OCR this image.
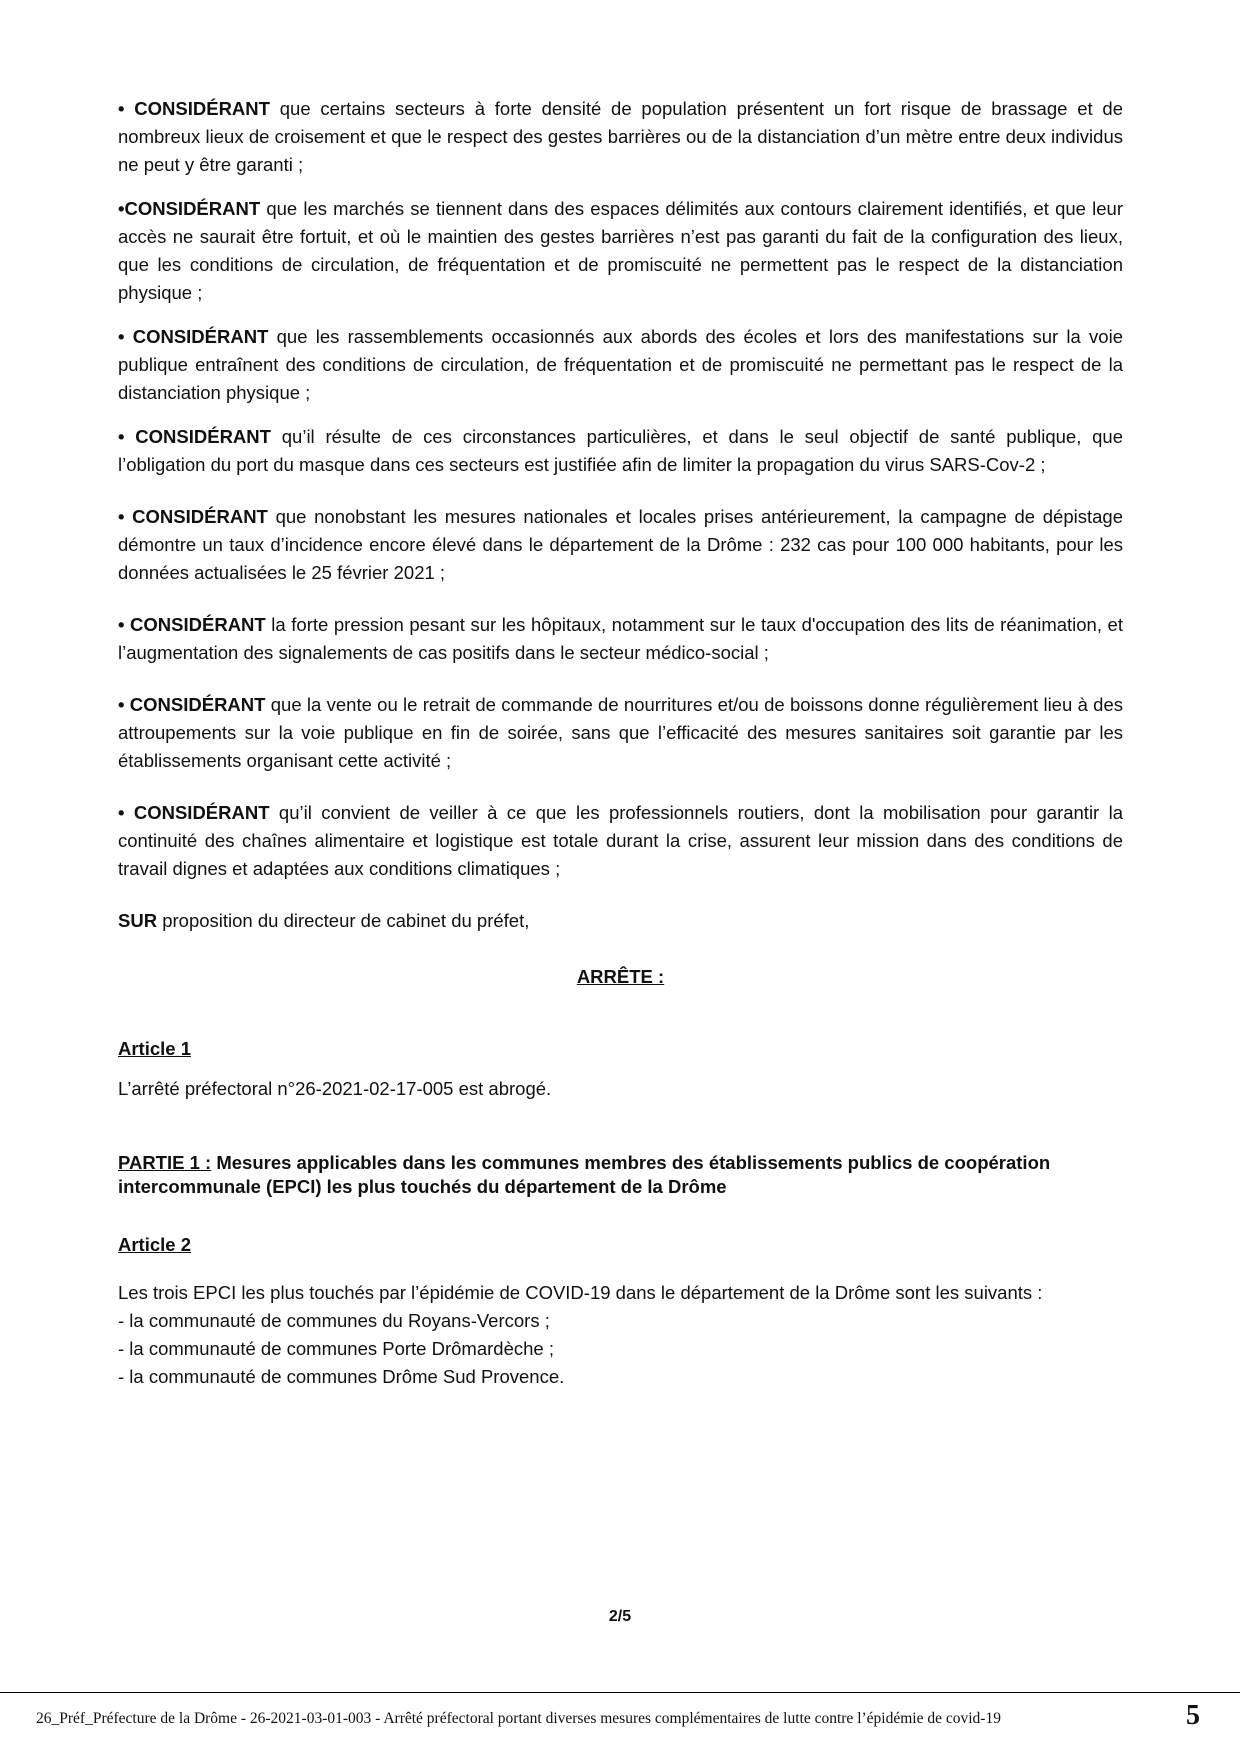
• CONSIDÉRANT que certains secteurs à forte densité de population présentent un fort risque de brassage et de nombreux lieux de croisement et que le respect des gestes barrières ou de la distanciation d’un mètre entre deux individus ne peut y être garanti ;

•CONSIDÉRANT que les marchés se tiennent dans des espaces délimités aux contours clairement identifiés, et que leur accès ne saurait être fortuit, et où le maintien des gestes barrières n’est pas garanti du fait de la configuration des lieux, que les conditions de circulation, de fréquentation et de promiscuité ne permettent pas le respect de la distanciation physique ;

• CONSIDÉRANT que les rassemblements occasionnés aux abords des écoles et lors des manifestations sur la voie publique entraînent des conditions de circulation, de fréquentation et de promiscuité ne permettant pas le respect de la distanciation physique ;

• CONSIDÉRANT qu’il résulte de ces circonstances particulières, et dans le seul objectif de santé publique, que l’obligation du port du masque dans ces secteurs est justifiée afin de limiter la propagation du virus SARS-Cov-2 ;

• CONSIDÉRANT que nonobstant les mesures nationales et locales prises antérieurement, la campagne de dépistage démontre un taux d’incidence encore élevé dans le département de la Drôme : 232 cas pour 100 000 habitants, pour les données actualisées le 25 février 2021 ;

• CONSIDÉRANT la forte pression pesant sur les hôpitaux, notamment sur le taux d'occupation des lits de réanimation, et l’augmentation des signalements de cas positifs dans le secteur médico-social ;

• CONSIDÉRANT que la vente ou le retrait de commande de nourritures et/ou de boissons donne régulièrement lieu à des attroupements sur la voie publique en fin de soirée, sans que l’efficacité des mesures sanitaires soit garantie par les établissements organisant cette activité ;

• CONSIDÉRANT qu’il convient de veiller à ce que les professionnels routiers, dont la mobilisation pour garantir la continuité des chaînes alimentaire et logistique est totale durant la crise, assurent leur mission dans des conditions de travail dignes et adaptées aux conditions climatiques ;

SUR proposition du directeur de cabinet du préfet,

ARRÊTE :

Article 1

L’arrêté préfectoral n°26-2021-02-17-005 est abrogé.

PARTIE 1 : Mesures applicables dans les communes membres des établissements publics de coopération intercommunale (EPCI) les plus touchés du département de la Drôme

Article 2

Les trois EPCI les plus touchés par l’épidémie de COVID-19 dans le département de la Drôme sont les suivants :

- la communauté de communes du Royans-Vercors ;
- la communauté de communes Porte Drômardèche ;
- la communauté de communes Drôme Sud Provence.
2/5
26_Préf_Préfecture de la Drôme - 26-2021-03-01-003 - Arrêté préfectoral portant diverses mesures complémentaires de lutte contre l’épidémie de covid-19	5
